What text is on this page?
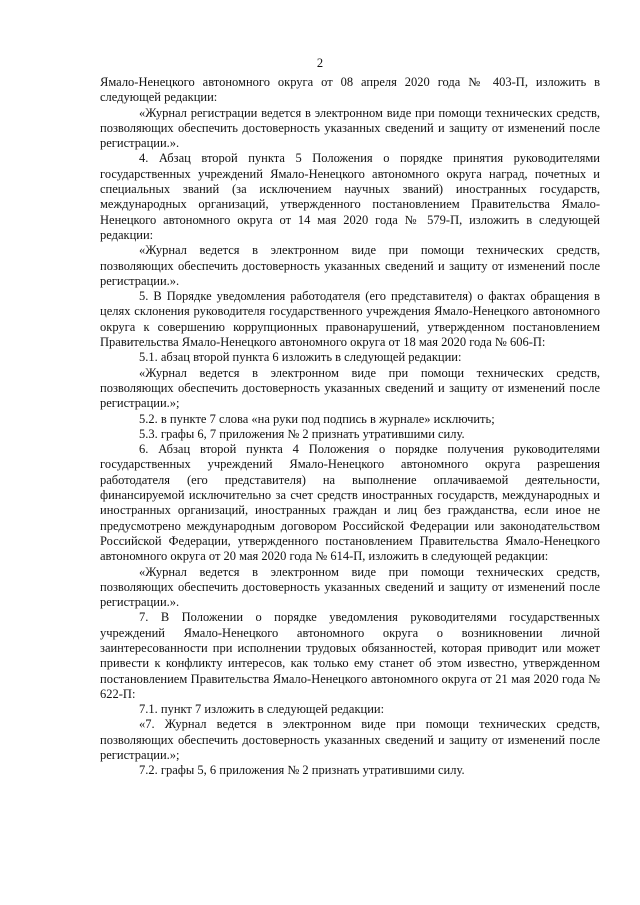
2

Ямало-Ненецкого автономного округа от 08 апреля 2020 года № 403-П, изложить в следующей редакции:

«Журнал регистрации ведется в электронном виде при помощи технических средств, позволяющих обеспечить достоверность указанных сведений и защиту от изменений после регистрации.».

4. Абзац второй пункта 5 Положения о порядке принятия руководителями государственных учреждений Ямало-Ненецкого автономного округа наград, почетных и специальных званий (за исключением научных званий) иностранных государств, международных организаций, утвержденного постановлением Правительства Ямало-Ненецкого автономного округа от 14 мая 2020 года № 579-П, изложить в следующей редакции:

«Журнал ведется в электронном виде при помощи технических средств, позволяющих обеспечить достоверность указанных сведений и защиту от изменений после регистрации.».

5. В Порядке уведомления работодателя (его представителя) о фактах обращения в целях склонения руководителя государственного учреждения Ямало-Ненецкого автономного округа к совершению коррупционных правонарушений, утвержденном постановлением Правительства Ямало-Ненецкого автономного округа от 18 мая 2020 года № 606-П:

5.1. абзац второй пункта 6 изложить в следующей редакции:

«Журнал ведется в электронном виде при помощи технических средств, позволяющих обеспечить достоверность указанных сведений и защиту от изменений после регистрации.»;

5.2. в пункте 7 слова «на руки под подпись в журнале» исключить;

5.3. графы 6, 7 приложения № 2 признать утратившими силу.

6. Абзац второй пункта 4 Положения о порядке получения руководителями государственных учреждений Ямало-Ненецкого автономного округа разрешения работодателя (его представителя) на выполнение оплачиваемой деятельности, финансируемой исключительно за счет средств иностранных государств, международных и иностранных организаций, иностранных граждан и лиц без гражданства, если иное не предусмотрено международным договором Российской Федерации или законодательством Российской Федерации, утвержденного постановлением Правительства Ямало-Ненецкого автономного округа от 20 мая 2020 года № 614-П, изложить в следующей редакции:

«Журнал ведется в электронном виде при помощи технических средств, позволяющих обеспечить достоверность указанных сведений и защиту от изменений после регистрации.».

7. В Положении о порядке уведомления руководителями государственных учреждений Ямало-Ненецкого автономного округа о возникновении личной заинтересованности при исполнении трудовых обязанностей, которая приводит или может привести к конфликту интересов, как только ему станет об этом известно, утвержденном постановлением Правительства Ямало-Ненецкого автономного округа от 21 мая 2020 года № 622-П:

7.1. пункт 7 изложить в следующей редакции:

«7. Журнал ведется в электронном виде при помощи технических средств, позволяющих обеспечить достоверность указанных сведений и защиту от изменений после регистрации.»;

7.2. графы 5, 6 приложения № 2 признать утратившими силу.
